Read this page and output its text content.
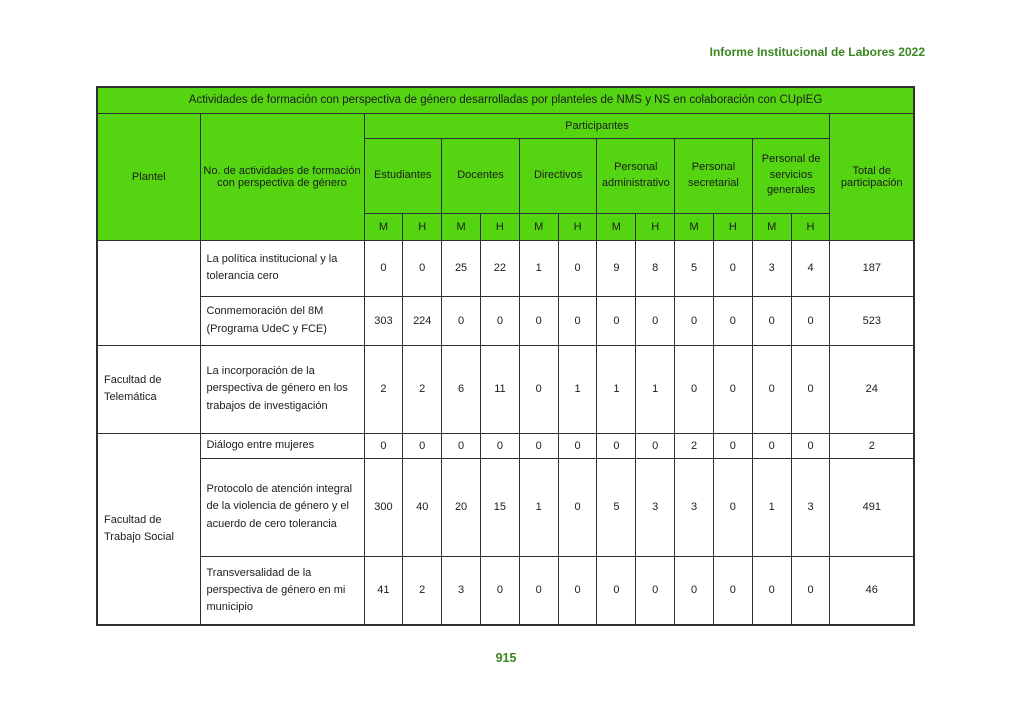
Informe Institucional de Labores 2022
Actividades de formación con perspectiva de género desarrolladas por planteles de NMS y NS en colaboración con CUpIEG														
Plantel	No. de actividades de formación con perspectiva de género	Participantes												Total de participación
		Estudiantes		Docentes		Directivos		Personal administrativo		Personal secretarial		Personal de servicios generales		
		M	H	M	H	M	H	M	H	M	H	M	H	
	La política institucional y la tolerancia cero	0	0	25	22	1	0	9	8	5	0	3	4	187
	Conmemoración del 8M (Programa UdeC y FCE)	303	224	0	0	0	0	0	0	0	0	0	0	523
Facultad de Telemática	La incorporación de la perspectiva de género en los trabajos de investigación	2	2	6	11	0	1	1	1	0	0	0	0	24
Facultad de Trabajo Social	Diálogo entre mujeres	0	0	0	0	0	0	0	0	2	0	0	0	2
	Protocolo de atención integral de la violencia de género y el acuerdo de cero tolerancia	300	40	20	15	1	0	5	3	3	0	1	3	491
	Transversalidad de la perspectiva de género en mi municipio	41	2	3	0	0	0	0	0	0	0	0	0	46
915
